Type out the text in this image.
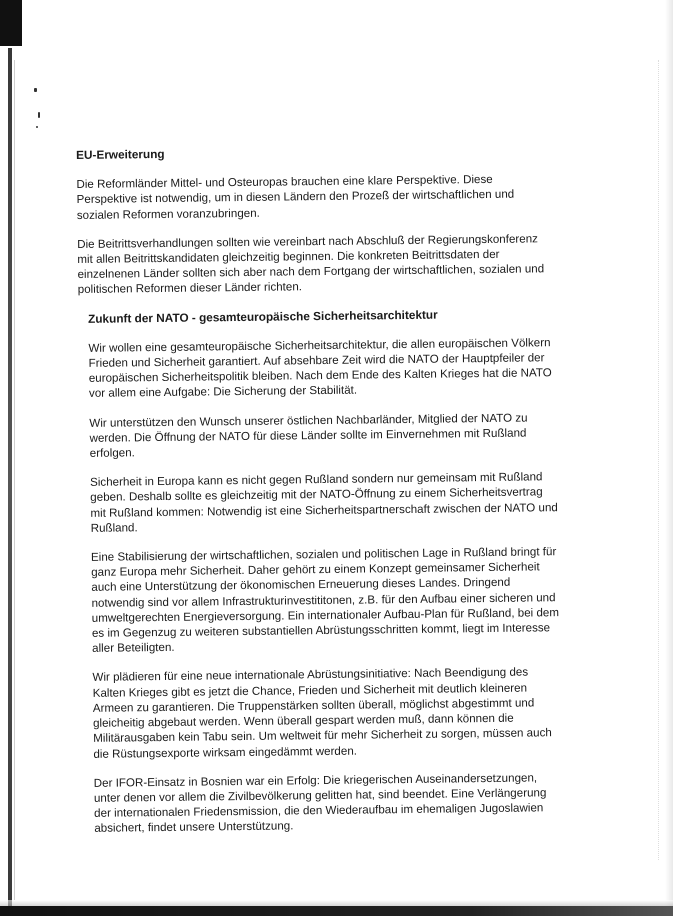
EU-Erweiterung

Die Reformländer Mittel- und Osteuropas brauchen eine klare Perspektive. Diese Perspektive ist notwendig, um in diesen Ländern den Prozeß der wirtschaftlichen und sozialen Reformen voranzubringen.

Die Beitrittsverhandlungen sollten wie vereinbart nach Abschluß der Regierungskonferenz mit allen Beitrittskandidaten gleichzeitig beginnen. Die konkreten Beitrittsdaten der einzelnenen Länder sollten sich aber nach dem Fortgang der wirtschaftlichen, sozialen und politischen Reformen dieser Länder richten.

Zukunft der NATO - gesamteuropäische Sicherheitsarchitektur

Wir wollen eine gesamteuropäische Sicherheitsarchitektur, die allen europäischen Völkern Frieden und Sicherheit garantiert. Auf absehbare Zeit wird die NATO der Hauptpfeiler der europäischen Sicherheitspolitik bleiben. Nach dem Ende des Kalten Krieges hat die NATO vor allem eine Aufgabe: Die Sicherung der Stabilität.

Wir unterstützen den Wunsch unserer östlichen Nachbarländer, Mitglied der NATO zu werden. Die Öffnung der NATO für diese Länder sollte im Einvernehmen mit Rußland erfolgen.

Sicherheit in Europa kann es nicht gegen Rußland sondern nur gemeinsam mit Rußland geben. Deshalb sollte es gleichzeitig mit der NATO-Öffnung zu einem Sicherheitsvertrag mit Rußland kommen: Notwendig ist eine Sicherheitspartnerschaft zwischen der NATO und Rußland.

Eine Stabilisierung der wirtschaftlichen, sozialen und politischen Lage in Rußland bringt für ganz Europa mehr Sicherheit. Daher gehört zu einem Konzept gemeinsamer Sicherheit auch eine Unterstützung der ökonomischen Erneuerung dieses Landes. Dringend notwendig sind vor allem Infrastrukturinvestititonen, z.B. für den Aufbau einer sicheren und umweltgerechten Energieversorgung. Ein internationaler Aufbau-Plan für Rußland, bei dem es im Gegenzug zu weiteren substantiellen Abrüstungsschritten kommt, liegt im Interesse aller Beteiligten.

Wir plädieren für eine neue internationale Abrüstungsinitiative: Nach Beendigung des Kalten Krieges gibt es jetzt die Chance, Frieden und Sicherheit mit deutlich kleineren Armeen zu garantieren. Die Truppenstärken sollten überall, möglichst abgestimmt und gleicheitig abgebaut werden. Wenn überall gespart werden muß, dann können die Militärausgaben kein Tabu sein. Um weltweit für mehr Sicherheit zu sorgen, müssen auch die Rüstungsexporte wirksam eingedämmt werden.

Der IFOR-Einsatz in Bosnien war ein Erfolg: Die kriegerischen Auseinandersetzungen, unter denen vor allem die Zivilbevölkerung gelitten hat, sind beendet. Eine Verlängerung der internationalen Friedensmission, die den Wiederaufbau im ehemaligen Jugoslawien absichert, findet unsere Unterstützung.
